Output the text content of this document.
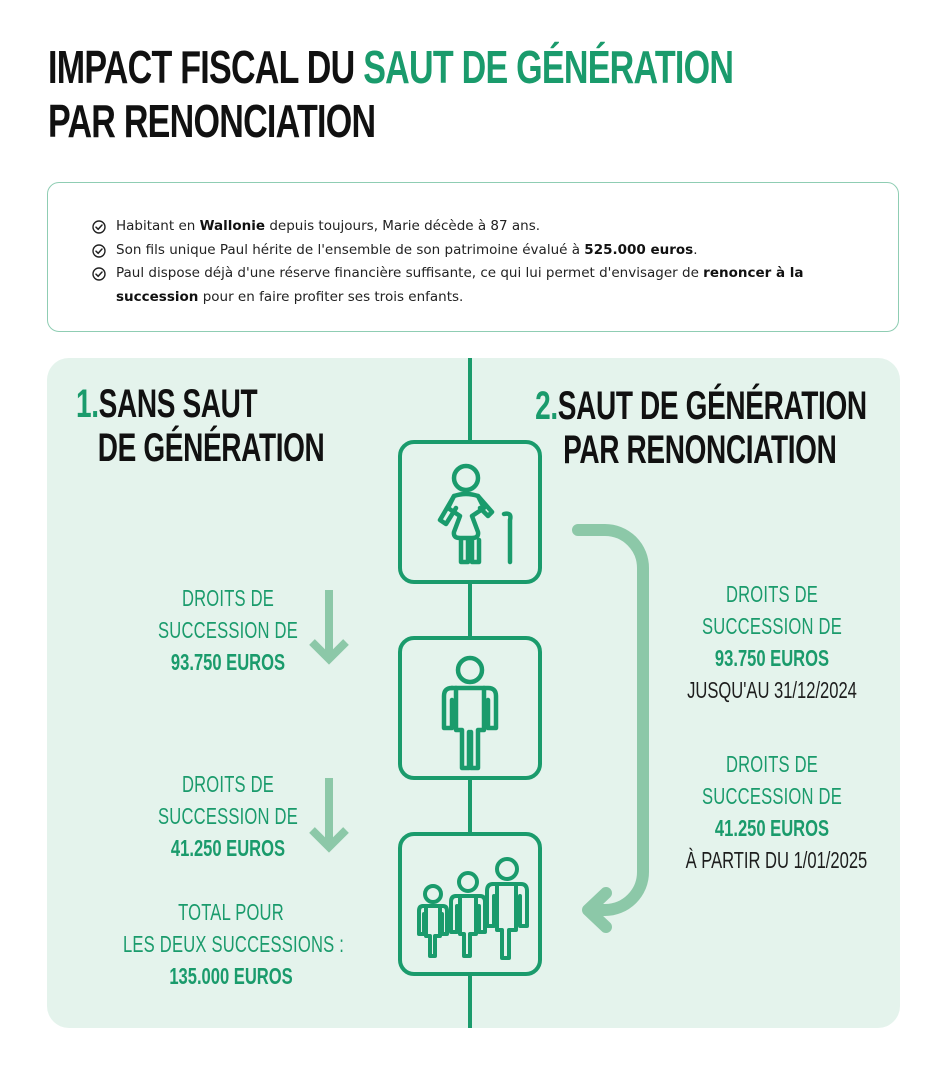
IMPACT FISCAL DU SAUT DE GÉNÉRATION
PAR RENONCIATION
Habitant en Wallonie depuis toujours, Marie décède à 87 ans.
Son fils unique Paul hérite de l'ensemble de son patrimoine évalué à 525.000 euros.
Paul dispose déjà d'une réserve financière suffisante, ce qui lui permet d'envisager de renoncer à la
succession pour en faire profiter ses trois enfants.
1.SANS SAUT
DE GÉNÉRATION
2.SAUT DE GÉNÉRATION
PAR RENONCIATION
DROITS DE
SUCCESSION DE
93.750 EUROS
DROITS DE
SUCCESSION DE
41.250 EUROS
TOTAL POUR
LES DEUX SUCCESSIONS :
135.000 EUROS
DROITS DE
SUCCESSION DE
93.750 EUROS
JUSQU'AU 31/12/2024
DROITS DE
SUCCESSION DE
41.250 EUROS
À PARTIR DU 1/01/2025
